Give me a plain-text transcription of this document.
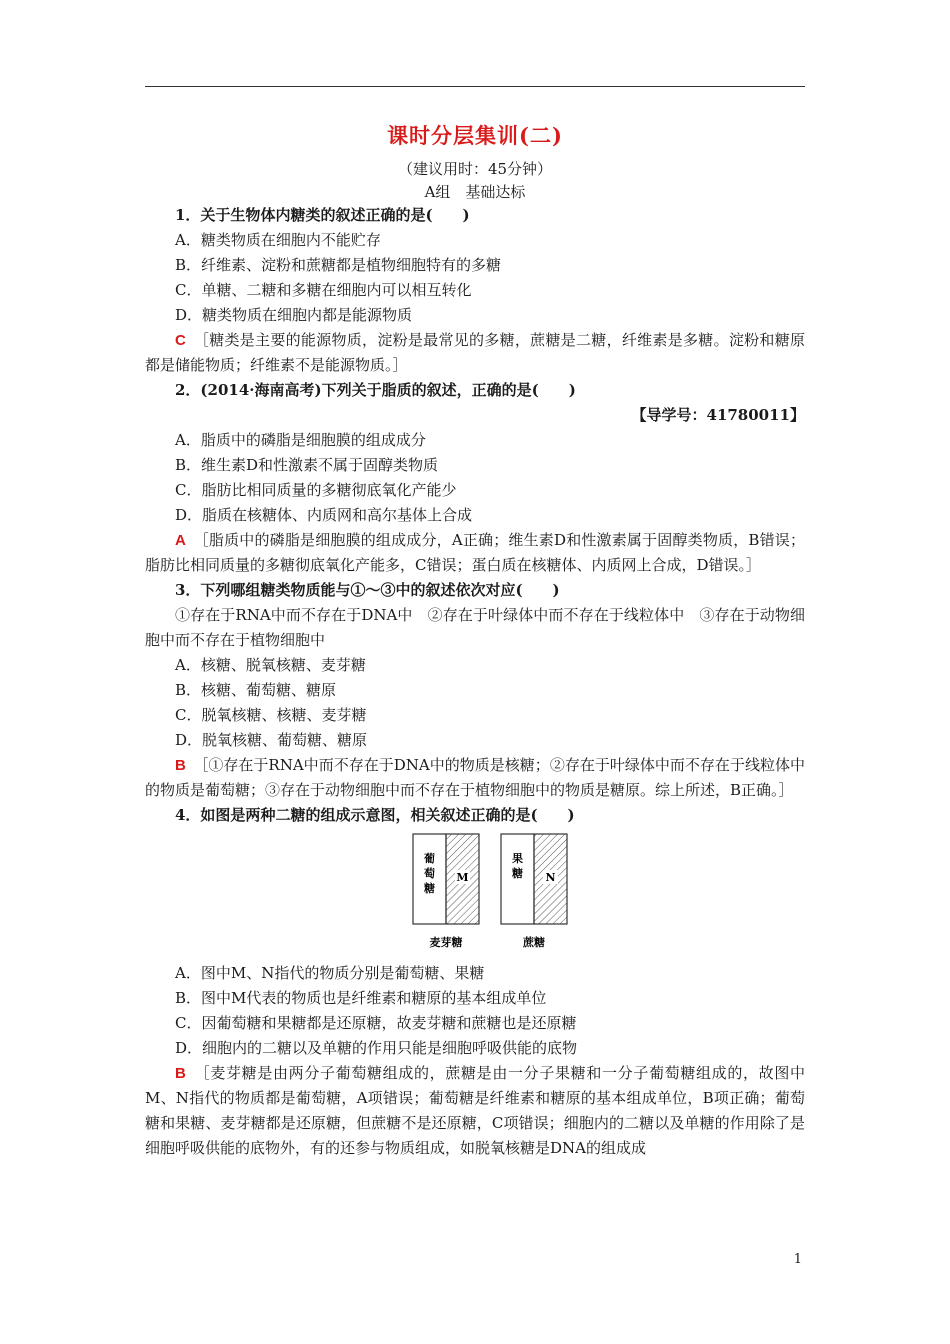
课时分层集训(二)
（建议用时：45分钟）
A组　基础达标

1．关于生物体内糖类的叙述正确的是(　　)

A．糖类物质在细胞内不能贮存

B．纤维素、淀粉和蔗糖都是植物细胞特有的多糖

C．单糖、二糖和多糖在细胞内可以相互转化

D．糖类物质在细胞内都是能源物质

C　 ［糖类是主要的能源物质，淀粉是最常见的多糖，蔗糖是二糖，纤维素是多糖。淀粉和糖原都是储能物质；纤维素不是能源物质。］

2．(2014·海南高考)下列关于脂质的叙述，正确的是(　　)

【导学号：41780011】

A．脂质中的磷脂是细胞膜的组成成分

B．维生素D和性激素不属于固醇类物质

C．脂肪比相同质量的多糖彻底氧化产能少

D．脂质在核糖体、内质网和高尔基体上合成

A　 ［脂质中的磷脂是细胞膜的组成成分，A正确；维生素D和性激素属于固醇类物质，B错误；脂肪比相同质量的多糖彻底氧化产能多，C错误；蛋白质在核糖体、内质网上合成，D错误。］

3．下列哪组糖类物质能与①～③中的叙述依次对应(　　)

①存在于RNA中而不存在于DNA中　②存在于叶绿体中而不存在于线粒体中　③存在于动物细胞中而不存在于植物细胞中

A．核糖、脱氧核糖、麦芽糖

B．核糖、葡萄糖、糖原

C．脱氧核糖、核糖、麦芽糖

D．脱氧核糖、葡萄糖、糖原

B　 ［①存在于RNA中而不存在于DNA中的物质是核糖；②存在于叶绿体中而不存在于线粒体中的物质是葡萄糖；③存在于动物细胞中而不存在于植物细胞中的物质是糖原。综上所述，B正确。］

4．如图是两种二糖的组成示意图，相关叙述正确的是(　　)

葡
萄
糖
M
麦芽糖
果
糖 N
蔗糖

A．图中M、N指代的物质分别是葡萄糖、果糖

B．图中M代表的物质也是纤维素和糖原的基本组成单位

C．因葡萄糖和果糖都是还原糖，故麦芽糖和蔗糖也是还原糖

D．细胞内的二糖以及单糖的作用只能是细胞呼吸供能的底物

B　 ［麦芽糖是由两分子葡萄糖组成的，蔗糖是由一分子果糖和一分子葡萄糖组成的，故图中M、N指代的物质都是葡萄糖，A项错误；葡萄糖是纤维素和糖原的基本组成单位，B项正确；葡萄糖和果糖、麦芽糖都是还原糖，但蔗糖不是还原糖，C项错误；细胞内的二糖以及单糖的作用除了是细胞呼吸供能的底物外，有的还参与物质组成，如脱氧核糖是DNA的组成成

1
